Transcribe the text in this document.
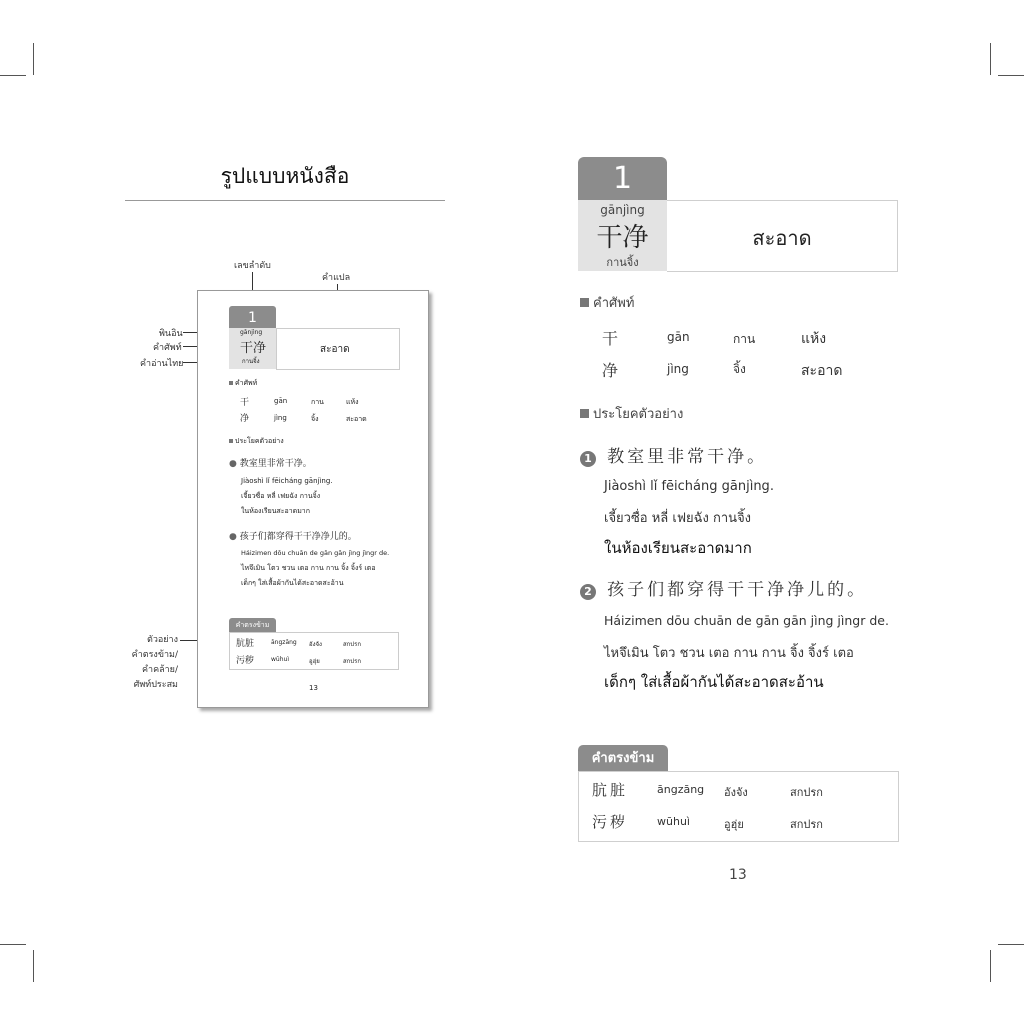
รูปแบบหนังสือ
เลขลำดับ
คำแปล
พินอิน
คำศัพท์
คำอ่านไทย
ตัวอย่าง
คำตรงข้าม/
คำคล้าย/
ศัพท์ประสม
1
gānjìng
干净
กานจิ้ง
สะอาด
คำศัพท์
干	gān	กาน	แห้ง
净	jìng	จิ้ง	สะอาด
ประโยคตัวอย่าง
● 教室里非常干净。
Jiàoshì lǐ fēicháng gānjìng.
เจี้ยวซื่อ หลี่ เฟยฉัง กานจิ้ง
ในห้องเรียนสะอาดมาก
● 孩子们都穿得干干净净儿的。
Háizimen dōu chuān de gān gān jìng jìngr de.
ไหจึเมิน โตว ชวน เตอ กาน กาน จิ้ง จิ้งร์ เตอ
เด็กๆ ใส่เสื้อผ้ากันได้สะอาดสะอ้าน
คำตรงข้าม
肮脏	āngzāng อังจัง	สกปรก
污秽	wūhuì	อูฮุ่ย	สกปรก
13
1
gānjìng
干净
กานจิ้ง
สะอาด
คำศัพท์
干	gān	กาน	แห้ง
净	jìng	จิ้ง	สะอาด
ประโยคตัวอย่าง
1 教室里非常干净。
Jiàoshì lǐ fēicháng gānjìng.
เจี้ยวซื่อ หลี่ เฟยฉัง กานจิ้ง
ในห้องเรียนสะอาดมาก
2 孩子们都穿得干干净净儿的。
Háizimen dōu chuān de gān gān jìng jìngr de.
ไหจึเมิน โตว ชวน เตอ กาน กาน จิ้ง จิ้งร์ เตอ
เด็กๆ ใส่เสื้อผ้ากันได้สะอาดสะอ้าน
คำตรงข้าม
肮脏	āngzāng อังจัง	สกปรก
污秽	wūhuì	อูฮุ่ย	สกปรก
13
